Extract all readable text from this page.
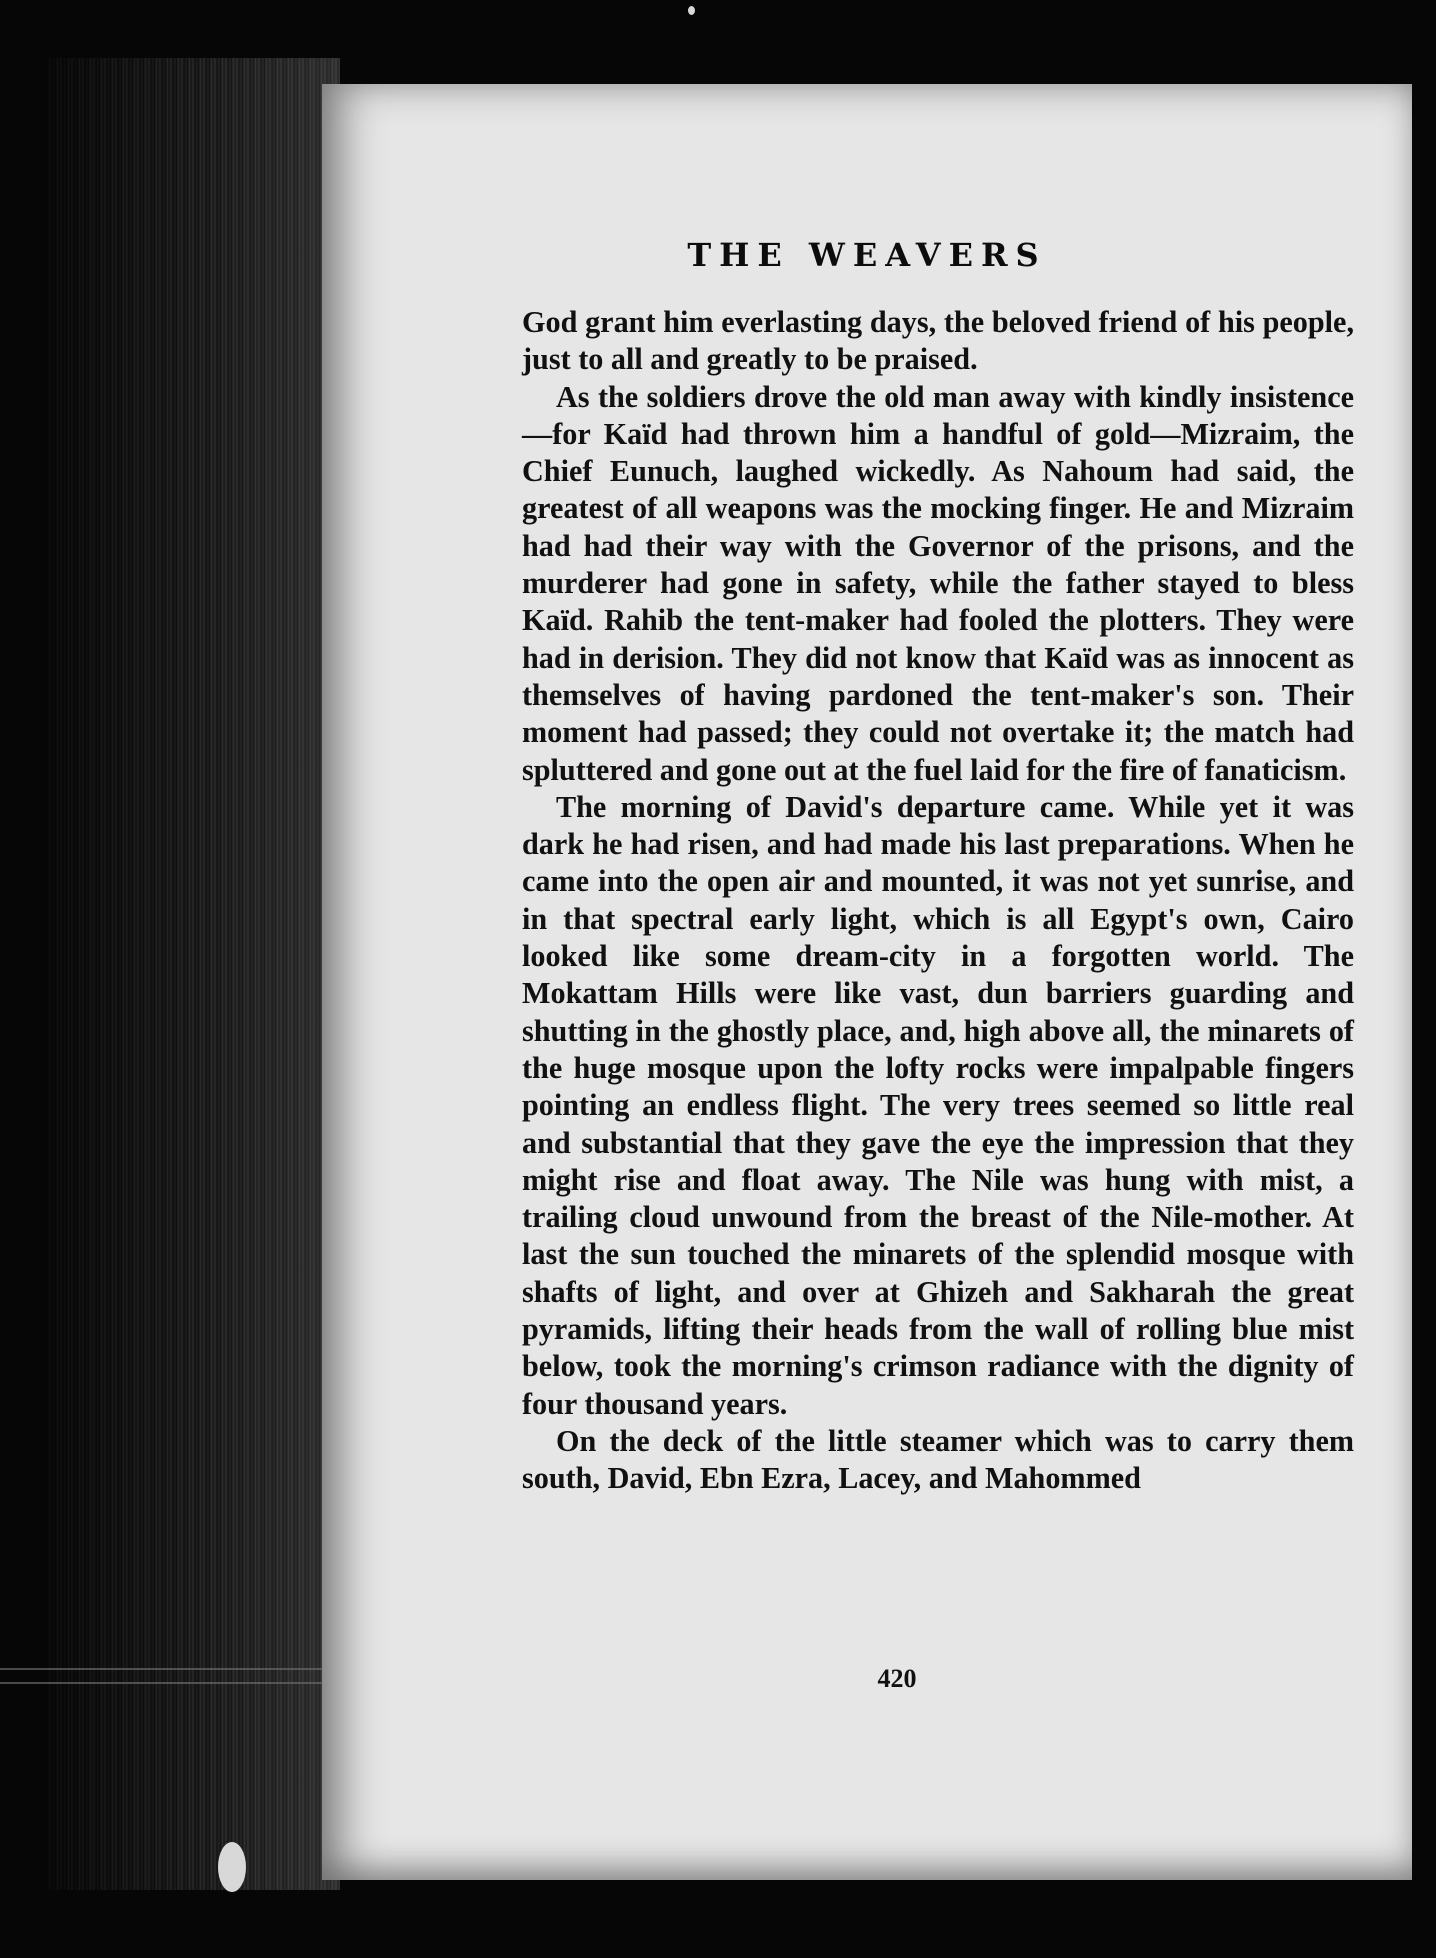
THE WEAVERS

God grant him everlasting days, the beloved friend of his people, just to all and greatly to be praised.

As the soldiers drove the old man away with kindly insistence—for Kaïd had thrown him a handful of gold—Mizraim, the Chief Eunuch, laughed wickedly. As Nahoum had said, the greatest of all weapons was the mocking finger. He and Mizraim had had their way with the Governor of the prisons, and the murderer had gone in safety, while the father stayed to bless Kaïd. Rahib the tent-maker had fooled the plotters. They were had in derision. They did not know that Kaïd was as innocent as themselves of having pardoned the tent-maker's son. Their moment had passed; they could not overtake it; the match had spluttered and gone out at the fuel laid for the fire of fanaticism.

The morning of David's departure came. While yet it was dark he had risen, and had made his last preparations. When he came into the open air and mounted, it was not yet sunrise, and in that spectral early light, which is all Egypt's own, Cairo looked like some dream-city in a forgotten world. The Mokattam Hills were like vast, dun barriers guarding and shutting in the ghostly place, and, high above all, the minarets of the huge mosque upon the lofty rocks were impalpable fingers pointing an endless flight. The very trees seemed so little real and substantial that they gave the eye the impression that they might rise and float away. The Nile was hung with mist, a trailing cloud unwound from the breast of the Nile-mother. At last the sun touched the minarets of the splendid mosque with shafts of light, and over at Ghizeh and Sakharah the great pyramids, lifting their heads from the wall of rolling blue mist below, took the morning's crimson radiance with the dignity of four thousand years.

On the deck of the little steamer which was to carry them south, David, Ebn Ezra, Lacey, and Mahommed

420
